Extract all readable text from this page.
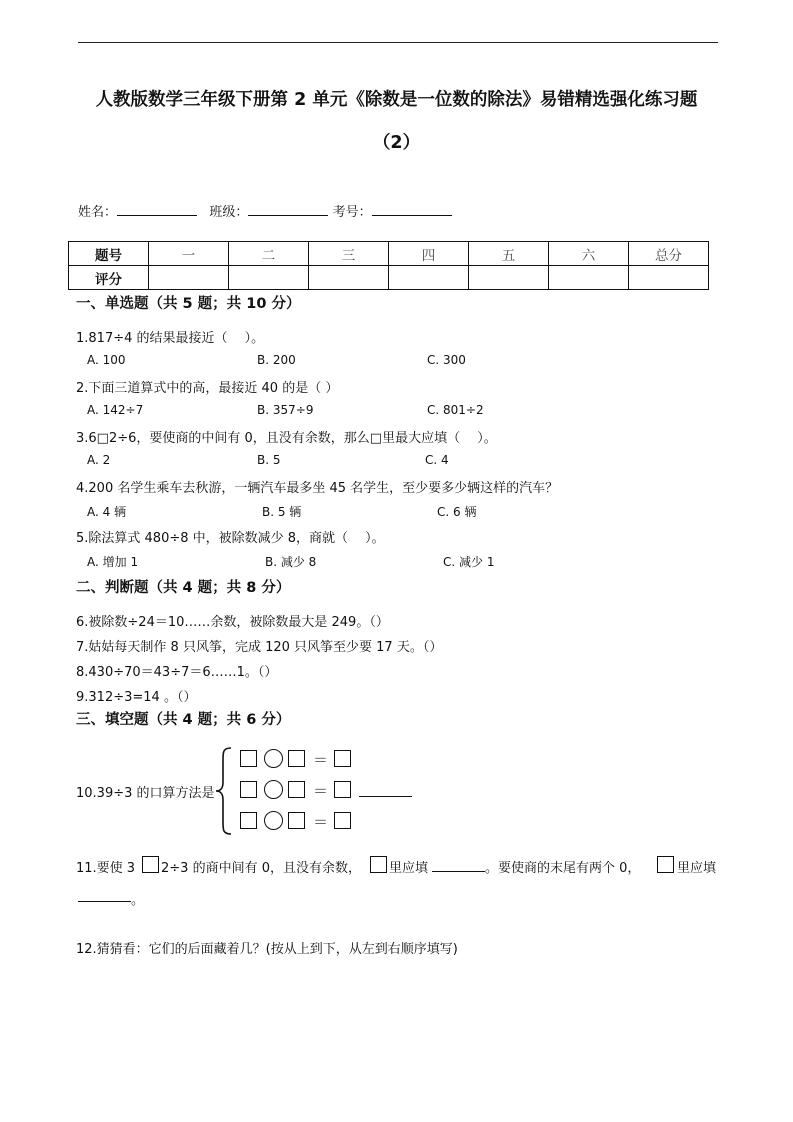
人教版数学三年级下册第 2 单元《除数是一位数的除法》易错精选强化练习题
（2）
姓名：	班级：	考号：
题号	一	二	三	四	五	六	总分
评分							
一、单选题（共 5 题；共 10 分）
1.817÷4 的结果最接近（　 ）。
A. 100	B. 200	C. 300
2.下面三道算式中的高，最接近 40 的是（ ）
A. 142÷7	B. 357÷9	C. 801÷2
3.6□2÷6，要使商的中间有 0，且没有余数，那么□里最大应填（　 ）。
A. 2	B. 5	C. 4
4.200 名学生乘车去秋游，一辆汽车最多坐 45 名学生，至少要多少辆这样的汽车？
A. 4 辆	B. 5 辆	C. 6 辆
5.除法算式 480÷8 中，被除数减少 8，商就（　 ）。
A. 增加 1	B. 减少 8	C. 减少 1
二、判断题（共 4 题；共 8 分）
6.被除数÷24＝10……余数，被除数最大是 249。（）
7.姑姑每天制作 8 只风筝，完成 120 只风筝至少要 17 天。（）
8.430÷70＝43÷7＝6……1。（）
9.312÷3=14 。（）
三、填空题（共 4 题；共 6 分）
10.39÷3 的口算方法是
＝
＝
＝
11.要使 3 2÷3 的商中间有 0，且没有余数， 里应填	。要使商的末尾有两个 0，	里应填
。
12.猜猜看：它们的后面藏着几？(按从上到下，从左到右顺序填写)
